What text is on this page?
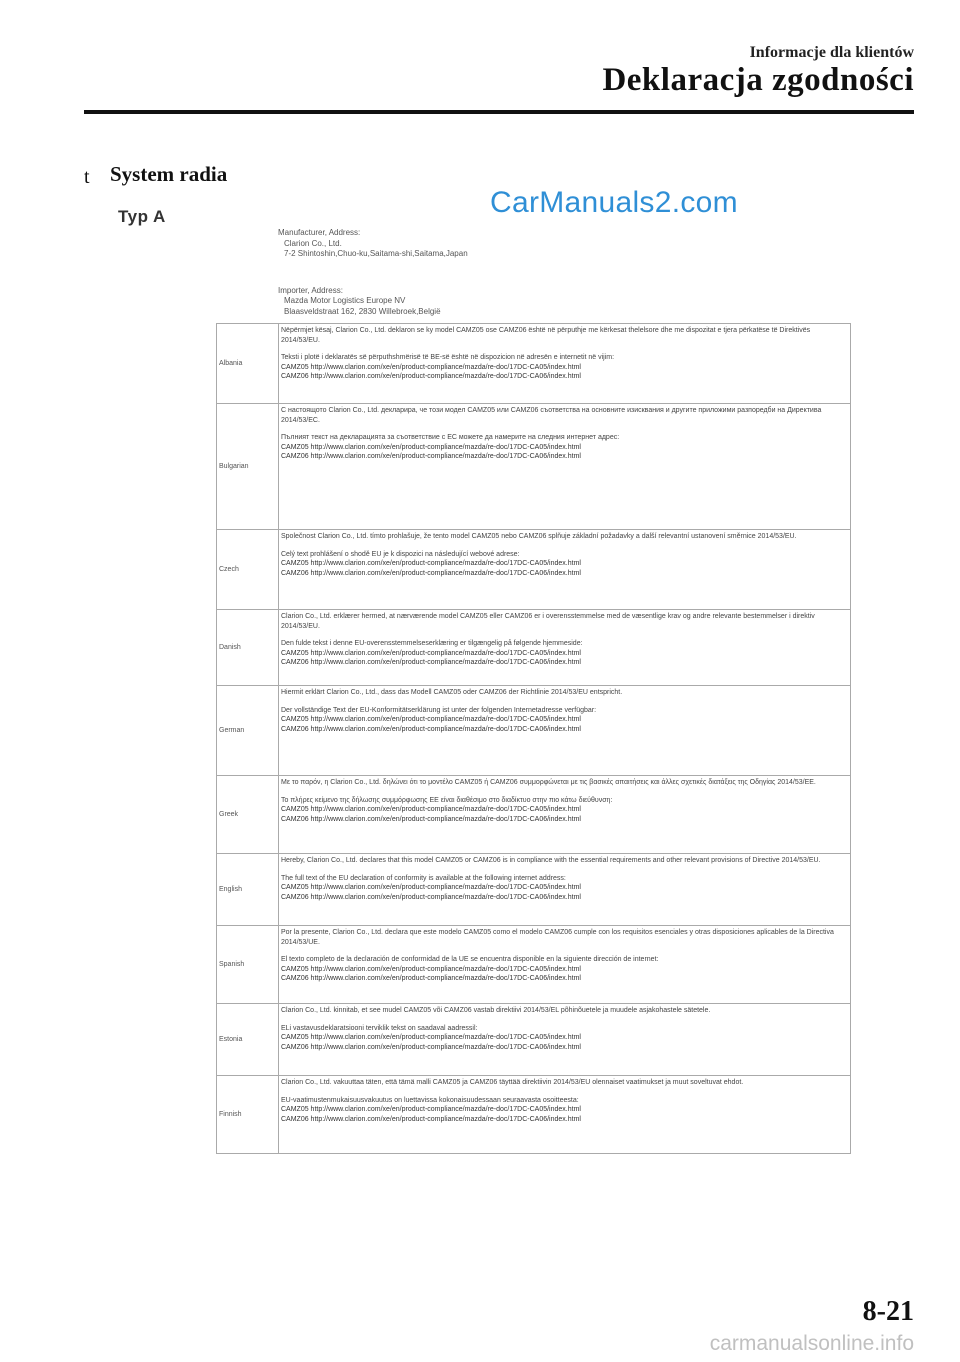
Informacje dla klientów
Deklaracja zgodności
t System radia
Typ A	CarManuals2.com
Manufacturer, Address:
Clarion Co., Ltd.
7-2 Shintoshin,Chuo-ku,Saitama-shi,Saitama,Japan
Importer, Address:
Mazda Motor Logistics Europe NV
Blaasveldstraat 162, 2830 Willebroek,België
Albania	Nëpërmjet kësaj, Clarion Co., Ltd. deklaron se ky model CAMZ05 ose CAMZ06 është në përputhje me kërkesat thelelsore dhe me dispozitat e tjera përkatëse të Direktivës 2014/53/EU.

Teksti i plotë i deklaratës së përputhshmërisë të BE-së është në dispozicion në adresën e internetit në vijim:

CAMZ05 http://www.clarion.com/xe/en/product-compliance/mazda/re-doc/17DC-CA05/index.html

CAMZ06 http://www.clarion.com/xe/en/product-compliance/mazda/re-doc/17DC-CA06/index.html

Bulgarian	С настоящото Clarion Co., Ltd. декларира, че този модел CAMZ05 или CAMZ06 съответства на основните изисквания и другите приложими разпоредби на Директива 2014/53/ЕС.

Пълният текст на декларацията за съответствие с ЕС можете да намерите на следния интернет адрес:

CAMZ05 http://www.clarion.com/xe/en/product-compliance/mazda/re-doc/17DC-CA05/index.html

CAMZ06 http://www.clarion.com/xe/en/product-compliance/mazda/re-doc/17DC-CA06/index.html

Czech	Společnost Clarion Co., Ltd. tímto prohlašuje, že tento model CAMZ05 nebo CAMZ06 splňuje základní požadavky a další relevantní ustanovení směrnice 2014/53/EU.

Celý text prohlášení o shodě EU je k dispozici na následující webové adrese:

CAMZ05 http://www.clarion.com/xe/en/product-compliance/mazda/re-doc/17DC-CA05/index.html

CAMZ06 http://www.clarion.com/xe/en/product-compliance/mazda/re-doc/17DC-CA06/index.html

Danish	Clarion Co., Ltd. erklærer hermed, at nærværende model CAMZ05 eller CAMZ06 er i overensstemmelse med de væsentlige krav og andre relevante bestemmelser i direktiv 2014/53/EU.

Den fulde tekst i denne EU-overensstemmelseserklæring er tilgængelig på følgende hjemmeside:

CAMZ05 http://www.clarion.com/xe/en/product-compliance/mazda/re-doc/17DC-CA05/index.html

CAMZ06 http://www.clarion.com/xe/en/product-compliance/mazda/re-doc/17DC-CA06/index.html

German	Hiermit erklärt Clarion Co., Ltd., dass das Modell CAMZ05 oder CAMZ06 der Richtlinie 2014/53/EU entspricht.

Der vollständige Text der EU-Konformitätserklärung ist unter der folgenden Internetadresse verfügbar:

CAMZ05 http://www.clarion.com/xe/en/product-compliance/mazda/re-doc/17DC-CA05/index.html

CAMZ06 http://www.clarion.com/xe/en/product-compliance/mazda/re-doc/17DC-CA06/index.html

Greek	Με το παρόν, η Clarion Co., Ltd. δηλώνει ότι το μοντέλο CAMZ05 ή CAMZ06 συμμορφώνεται με τις βασικές απαιτήσεις και άλλες σχετικές διατάξεις της Οδηγίας 2014/53/ΕΕ.

Το πλήρες κείμενο της δήλωσης συμμόρφωσης ΕΕ είναι διαθέσιμο στο διαδίκτυο στην πιο κάτω διεύθυνση:

CAMZ05 http://www.clarion.com/xe/en/product-compliance/mazda/re-doc/17DC-CA05/index.html

CAMZ06 http://www.clarion.com/xe/en/product-compliance/mazda/re-doc/17DC-CA06/index.html

English	Hereby, Clarion Co., Ltd. declares that this model CAMZ05 or CAMZ06 is in compliance with the essential requirements and other relevant provisions of Directive 2014/53/EU.

The full text of the EU declaration of conformity is available at the following internet address:

CAMZ05 http://www.clarion.com/xe/en/product-compliance/mazda/re-doc/17DC-CA05/index.html

CAMZ06 http://www.clarion.com/xe/en/product-compliance/mazda/re-doc/17DC-CA06/index.html

Spanish	Por la presente, Clarion Co., Ltd. declara que este modelo CAMZ05 como el modelo CAMZ06 cumple con los requisitos esenciales y otras disposiciones aplicables de la Directiva 2014/53/UE.

El texto completo de la declaración de conformidad de la UE se encuentra disponible en la siguiente dirección de internet:

CAMZ05 http://www.clarion.com/xe/en/product-compliance/mazda/re-doc/17DC-CA05/index.html

CAMZ06 http://www.clarion.com/xe/en/product-compliance/mazda/re-doc/17DC-CA06/index.html

Estonia	Clarion Co., Ltd. kinnitab, et see mudel CAMZ05 või CAMZ06 vastab direktiivi 2014/53/EL põhinõuetele ja muudele asjakohastele sätetele.

ELi vastavusdeklaratsiooni terviklik tekst on saadaval aadressil:

CAMZ05 http://www.clarion.com/xe/en/product-compliance/mazda/re-doc/17DC-CA05/index.html

CAMZ06 http://www.clarion.com/xe/en/product-compliance/mazda/re-doc/17DC-CA06/index.html

Finnish	Clarion Co., Ltd. vakuuttaa täten, että tämä malli CAMZ05 ja CAMZ06 täyttää direktiivin 2014/53/EU olennaiset vaatimukset ja muut soveltuvat ehdot.

EU-vaatimustenmukaisuusvakuutus on luettavissa kokonaisuudessaan seuraavasta osoitteesta:

CAMZ05 http://www.clarion.com/xe/en/product-compliance/mazda/re-doc/17DC-CA05/index.html

CAMZ06 http://www.clarion.com/xe/en/product-compliance/mazda/re-doc/17DC-CA06/index.html

8-21
carmanualsonline.info
